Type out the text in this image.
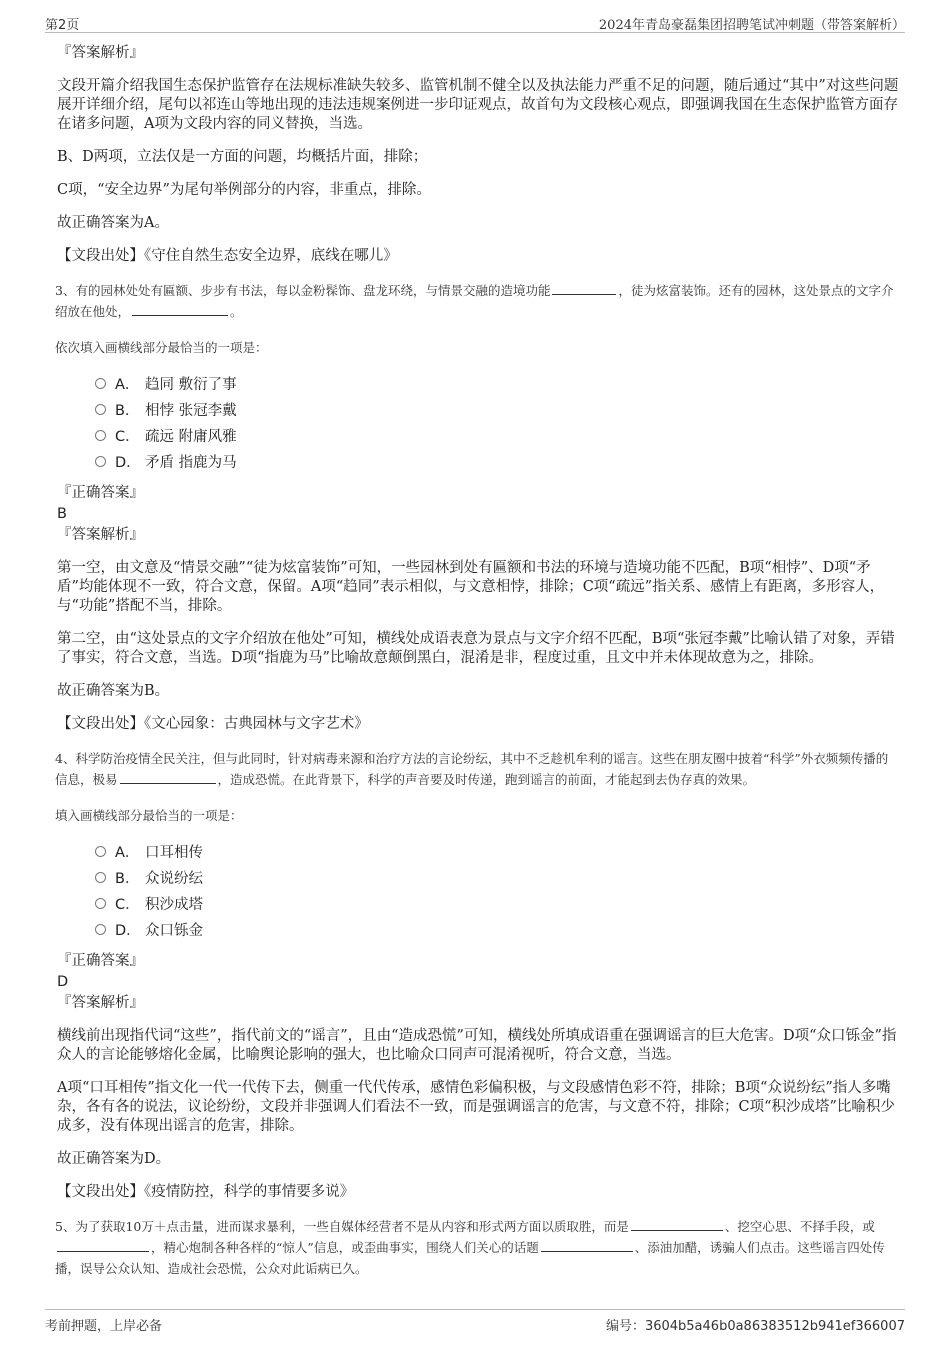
第2页	2024年青岛豪磊集团招聘笔试冲刺题（带答案解析）
『答案解析』
文段开篇介绍我国生态保护监管存在法规标准缺失较多、监管机制不健全以及执法能力严重不足的问题，随后通过“其中”对这些问题展开详细介绍，尾句以祁连山等地出现的违法违规案例进一步印证观点，故首句为文段核心观点，即强调我国在生态保护监管方面存在诸多问题，A项为文段内容的同义替换，当选。
B、D两项，立法仅是一方面的问题，均概括片面，排除；
C项，“安全边界”为尾句举例部分的内容，非重点，排除。
故正确答案为A。
【文段出处】《守住自然生态安全边界，底线在哪儿》
3、有的园林处处有匾额、步步有书法，每以金粉髹饰、盘龙环绕，与情景交融的造境功能	，徒为炫富装饰。还有的园林，这处景点的文字介绍放在他处，	。
依次填入画横线部分最恰当的一项是：
A． 趋同 敷衍了事
B． 相悖 张冠李戴
C． 疏远 附庸风雅
D． 矛盾 指鹿为马
『正确答案』
B
『答案解析』
第一空，由文意及“情景交融”“徒为炫富装饰”可知，一些园林到处有匾额和书法的环境与造境功能不匹配，B项“相悖”、D项“矛盾”均能体现不一致，符合文意，保留。A项“趋同”表示相似，与文意相悖，排除；C项“疏远”指关系、感情上有距离，多形容人，与“功能”搭配不当，排除。
第二空，由“这处景点的文字介绍放在他处”可知，横线处成语表意为景点与文字介绍不匹配，B项“张冠李戴”比喻认错了对象，弄错了事实，符合文意，当选。D项“指鹿为马”比喻故意颠倒黑白，混淆是非，程度过重，且文中并未体现故意为之，排除。
故正确答案为B。
【文段出处】《文心园象：古典园林与文字艺术》
4、科学防治疫情全民关注，但与此同时，针对病毒来源和治疗方法的言论纷纭，其中不乏趁机牟利的谣言。这些在朋友圈中披着“科学”外衣频频传播的信息，极易	，造成恐慌。在此背景下，科学的声音要及时传递，跑到谣言的前面，才能起到去伪存真的效果。
填入画横线部分最恰当的一项是：
A． 口耳相传
B． 众说纷纭
C． 积沙成塔
D． 众口铄金
『正确答案』
D
『答案解析』
横线前出现指代词“这些”，指代前文的“谣言”，且由“造成恐慌”可知，横线处所填成语重在强调谣言的巨大危害。D项“众口铄金”指众人的言论能够熔化金属，比喻舆论影响的强大，也比喻众口同声可混淆视听，符合文意，当选。
A项“口耳相传”指文化一代一代传下去，侧重一代代传承，感情色彩偏积极，与文段感情色彩不符，排除；B项“众说纷纭”指人多嘴杂，各有各的说法，议论纷纷，文段并非强调人们看法不一致，而是强调谣言的危害，与文意不符，排除；C项“积沙成塔”比喻积少成多，没有体现出谣言的危害，排除。
故正确答案为D。
【文段出处】《疫情防控，科学的事情要多说》
5、为了获取10万＋点击量，进而谋求暴利，一些自媒体经营者不是从内容和形式两方面以质取胜，而是	、挖空心思、不择手段，或，精心炮制各种各样的“惊人”信息，或歪曲事实，围绕人们关心的话题	、添油加醋，诱骗人们点击。这些谣言四处传播，误导公众认知、造成社会恐慌，公众对此诟病已久。
考前押题，上岸必备	编号：3604b5a46b0a86383512b941ef366007
